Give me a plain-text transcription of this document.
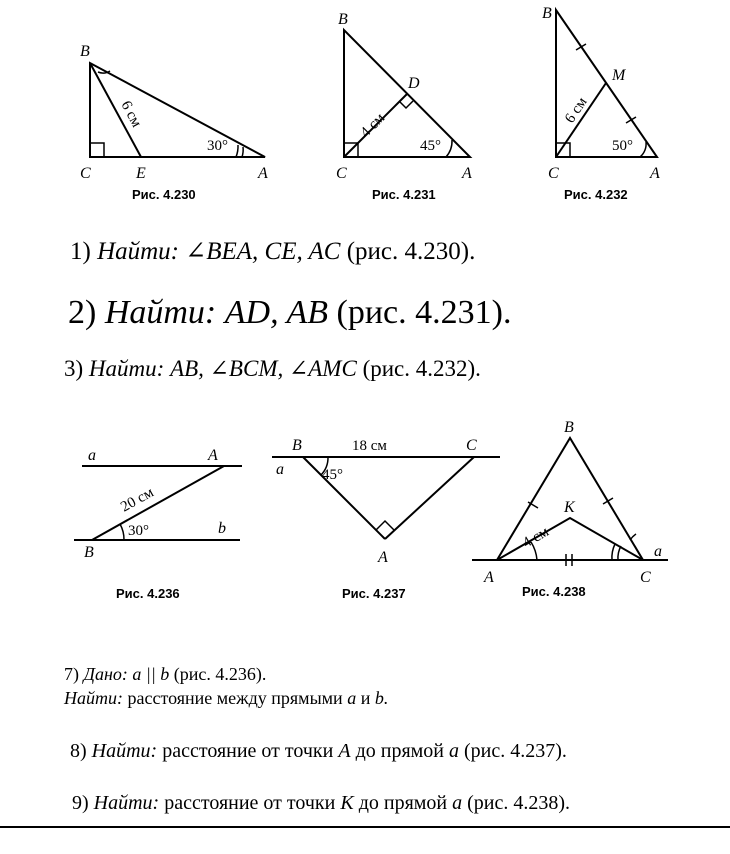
B
C	E	A
6 см
30°
Рис. 4.230
B
D
C	A
4 см
45°
Рис. 4.231
B
M
C	A
6 см
50°
Рис. 4.232
a	A
B
b
20 см
30°
Рис. 4.236
B	18 см	C
a	45°
A
Рис. 4.237
B
K
A	C
a
4 см
Рис. 4.238

1) Найти: ∠BEA, CE, AC (рис. 4.230).

2) Найти: AD, AB (рис. 4.231).

3) Найти: AB, ∠BCM, ∠AMC (рис. 4.232).

7) Дано: a || b (рис. 4.236).
Найти: расстояние между прямыми a и b.

8) Найти: расстояние от точки A до прямой a (рис. 4.237).

9) Найти: расстояние от точки K до прямой a (рис. 4.238).
